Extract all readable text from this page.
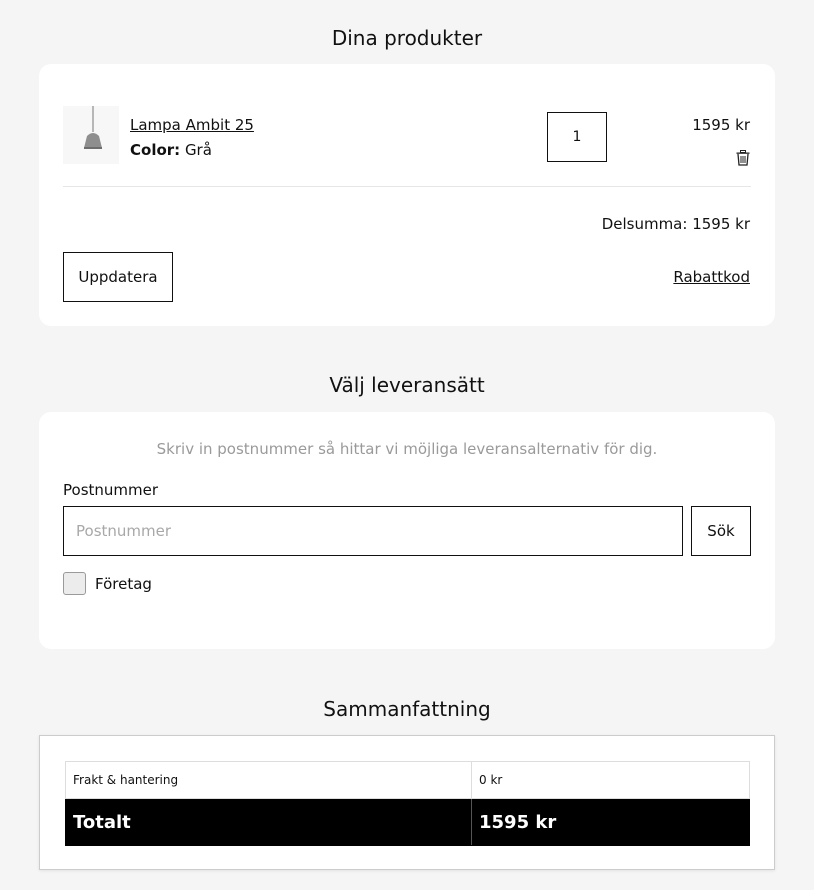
Dina produkter
Lampa Ambit 25
Color: Grå
1
1595 kr
Delsumma: 1595 kr
Uppdatera	Rabattkod
Välj leveransätt
Skriv in postnummer så hittar vi möjliga leveransalternativ för dig.
Postnummer
Postnummer
Sök
Företag
Sammanfattning
Frakt & hantering	0 kr
Totalt	1595 kr
